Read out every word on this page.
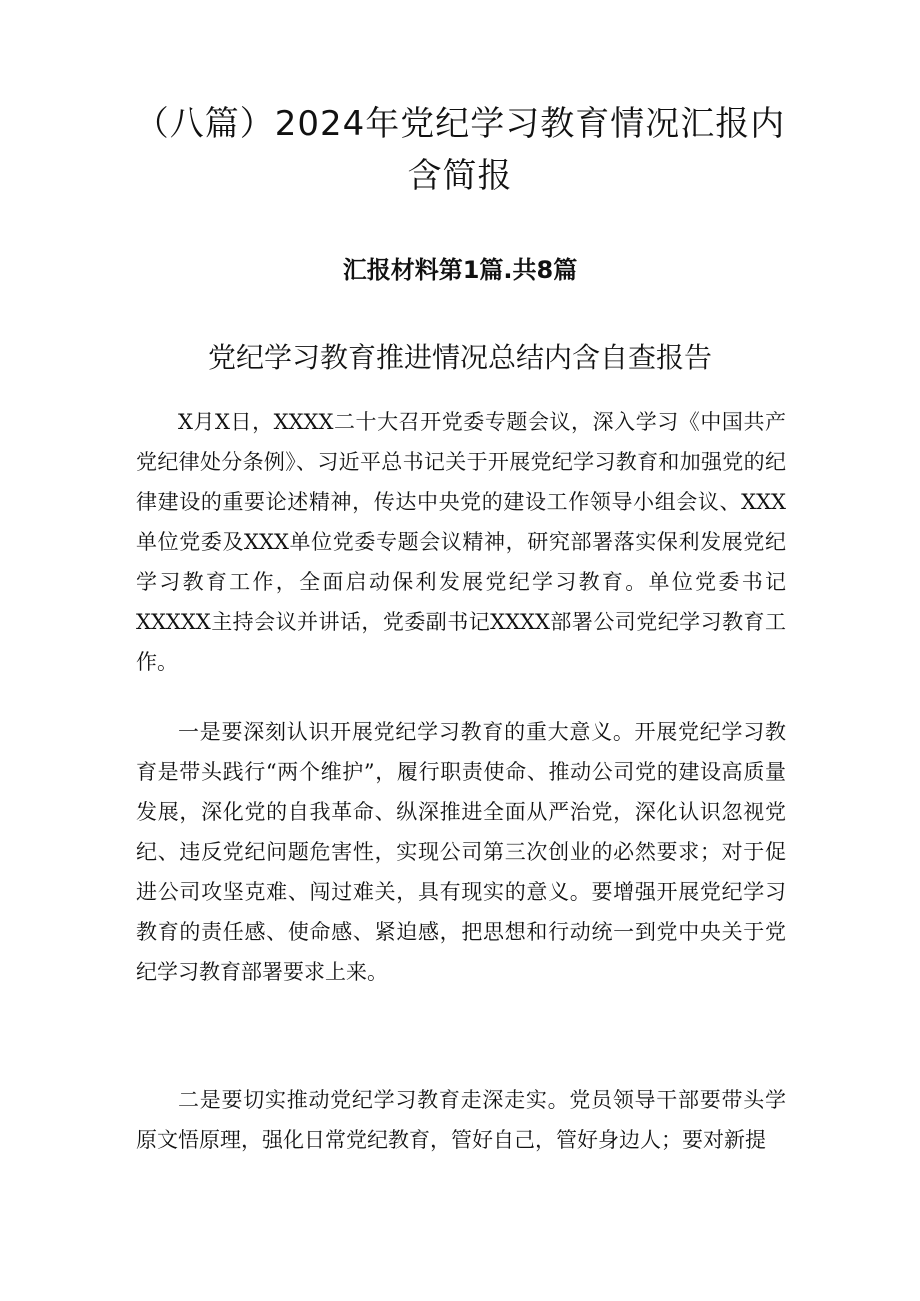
（八篇）2024年党纪学习教育情况汇报内含简报
汇报材料第1篇.共8篇
党纪学习教育推进情况总结内含自查报告

X月X日，XXXX二十大召开党委专题会议，深入学习《中国共产党纪律处分条例》、习近平总书记关于开展党纪学习教育和加强党的纪律建设的重要论述精神，传达中央党的建设工作领导小组会议、XXX单位党委及XXX单位党委专题会议精神，研究部署落实保利发展党纪学习教育工作，全面启动保利发展党纪学习教育。单位党委书记XXXXX主持会议并讲话，党委副书记XXXX部署公司党纪学习教育工作。

一是要深刻认识开展党纪学习教育的重大意义。开展党纪学习教育是带头践行“两个维护”，履行职责使命、推动公司党的建设高质量发展，深化党的自我革命、纵深推进全面从严治党，深化认识忽视党纪、违反党纪问题危害性，实现公司第三次创业的必然要求；对于促进公司攻坚克难、闯过难关，具有现实的意义。要增强开展党纪学习教育的责任感、使命感、紧迫感，把思想和行动统一到党中央关于党纪学习教育部署要求上来。

二是要切实推动党纪学习教育走深走实。党员领导干部要带头学原文悟原理，强化日常党纪教育，管好自己，管好身边人；要对新提
